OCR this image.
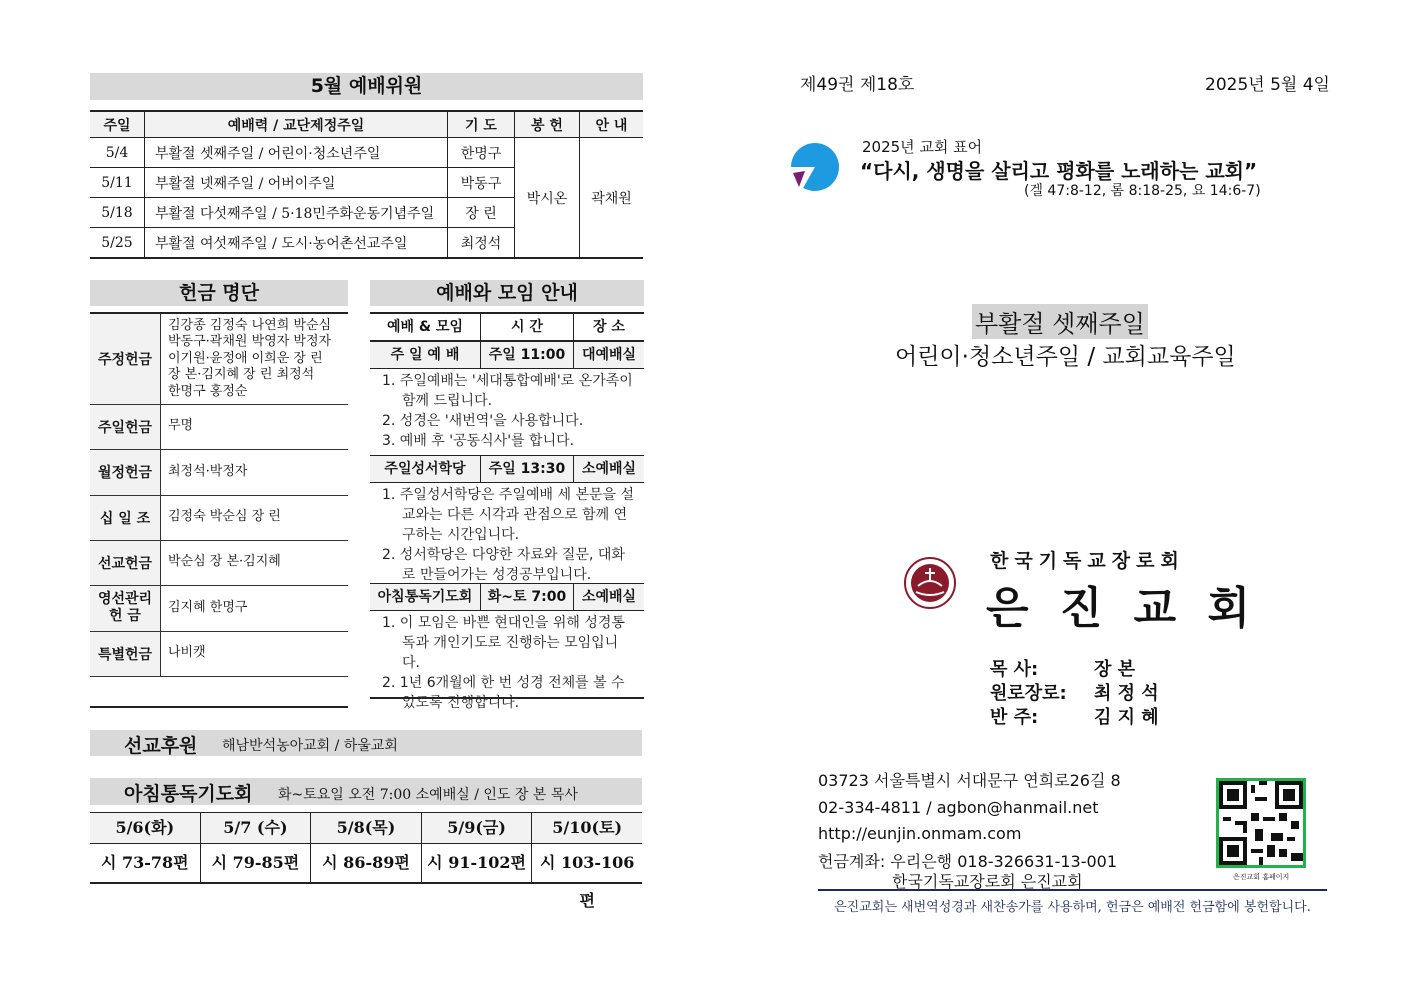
5월 예배위원
주일	예배력 / 교단제정주일	기 도	봉 헌	안 내
5/4	부활절 셋째주일 / 어린이·청소년주일	한명구	박시온	곽채원
5/11	부활절 넷째주일 / 어버이주일	박동구		
5/18	부활절 다섯째주일 / 5·18민주화운동기념주일	장 린		
5/25	부활절 여섯째주일 / 도시·농어촌선교주일	최정석		
헌금 명단
주정헌금	김강종 김정숙 나연희 박순심
박동구·곽채원 박영자 박정자
이기원·윤정애 이희운 장 린
장 본·김지혜 장 린 최정석
한명구 홍정순

주일헌금	무명
월정헌금	최정석·박정자
십 일 조	김정숙 박순심 장 린
선교헌금	박순심 장 본·김지혜

영선관리
헌 금	김지혜 한명구
특별헌금	나비캣

예배와 모임 안내
예배 & 모임	시 간	장 소
주 일 예 배	주일 11:00	대예배실
1. 주일예배는 '세대통합예배'로 온가족이 함께 드립니다.
2. 성경은 '새번역'을 사용합니다.
3. 예배 후 '공동식사'를 합니다.
주일성서학당	주일 13:30	소예배실
1. 주일성서학당은 주일예배 세 본문을 설교와는 다른 시각과 관점으로 함께 연구하는 시간입니다.
2. 성서학당은 다양한 자료와 질문, 대화로 만들어가는 성경공부입니다.
아침통독기도회	화~토 7:00	소예배실
1. 이 모임은 바쁜 현대인을 위해 성경통독과 개인기도로 진행하는 모임입니다.
2. 1년 6개월에 한 번 성경 전체를 볼 수 있도록 진행합니다.
선교후원 해남반석농아교회 / 하울교회
아침통독기도회 화~토요일 오전 7:00 소예배실 / 인도 장 본 목사
5/6(화)	5/7 (수)	5/8(목)	5/9(금)	5/10(토)
시 73-78편	시 79-85편	시 86-89편	시 91-102편 시 103-106편
제49권 제18호	2025년 5월 4일
2025년 교회 표어
“다시, 생명을 살리고 평화를 노래하는 교회”
(겔 47:8-12, 롬 8:18-25, 요 14:6-7)
부활절 셋째주일
어린이·청소년주일 / 교회교육주일
한국기독교장로회
은 진 교 회
목 사:	장 본
원로장로:	최 정 석
반 주:	김 지 혜
03723 서울특별시 서대문구 연희로26길 8
02-334-4811 / agbon@hanmail.net
http://eunjin.onmam.com
헌금계좌: 우리은행 018-326631-13-001
한국기독교장로회 은진교회	은진교회 홈페이지
은진교회는 새번역성경과 새찬송가를 사용하며, 헌금은 예배전 헌금함에 봉헌합니다.
